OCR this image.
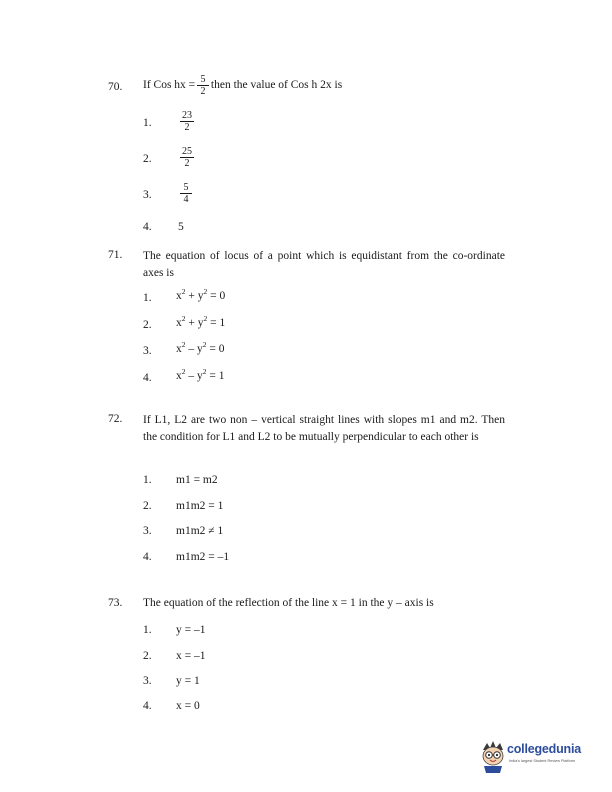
70. If Cos hx = $\frac{5}{2}$ then the value of Cos h 2x is
1.	$\frac{23}{2}$
2.	$\frac{25}{2}$
3.	$\frac{5}{4}$
4. 5
71. The equation of locus of a point which is equidistant from the co-ordinate axes is
1. $x^2 + y^2 = 0$
2. $x^2 + y^2 = 1$
3. $x^2 - y^2 = 0$
4. $x^2 - y^2 = 1$
72. If L1, L2 are two non – vertical straight lines with slopes m1 and m2. Then the condition for L1 and L2 to be mutually perpendicular to each other is
1. m1 = m2
2. m1m2 = 1
3. m1m2 ≠ 1
4. m1m2 = –1
73. The equation of the reflection of the line x = 1 in the y – axis is
1. y = –1
2. x = –1
3. y = 1
4. x = 0
collegedunia
India's largest Student Review Platform
